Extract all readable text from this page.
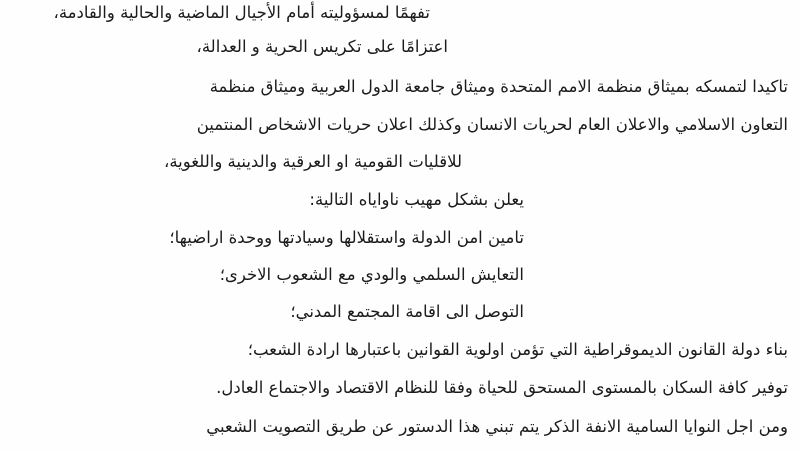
تفهمًا لمسؤوليته أمام الأجيال الماضية والحالية والقادمة،
اعتزامًا على تكريس الحرية و العدالة،
تاكيدا لتمسكه بميثاق منظمة الامم المتحدة وميثاق جامعة الدول العربية وميثاق منظمة
التعاون الاسلامي والاعلان العام لحريات الانسان وكذلك اعلان حريات الاشخاص المنتمين
للاقليات القومية او العرقية والدينية واللغوية،
يعلن بشكل مهيب ناواياه التالية:
تامين امن الدولة واستقلالها وسيادتها ووحدة اراضيها؛
التعايش السلمي والودي مع الشعوب الاخرى؛
التوصل الى اقامة المجتمع المدني؛
بناء دولة القانون الديموقراطية التي تؤمن اولوية القوانين باعتبارها ارادة الشعب؛
توفير كافة السكان بالمستوى المستحق للحياة وفقا للنظام الاقتصاد والاجتماع العادل.
ومن اجل النوايا السامية الانفة الذكر يتم تبني هذا الدستور عن طريق التصويت الشعبي
